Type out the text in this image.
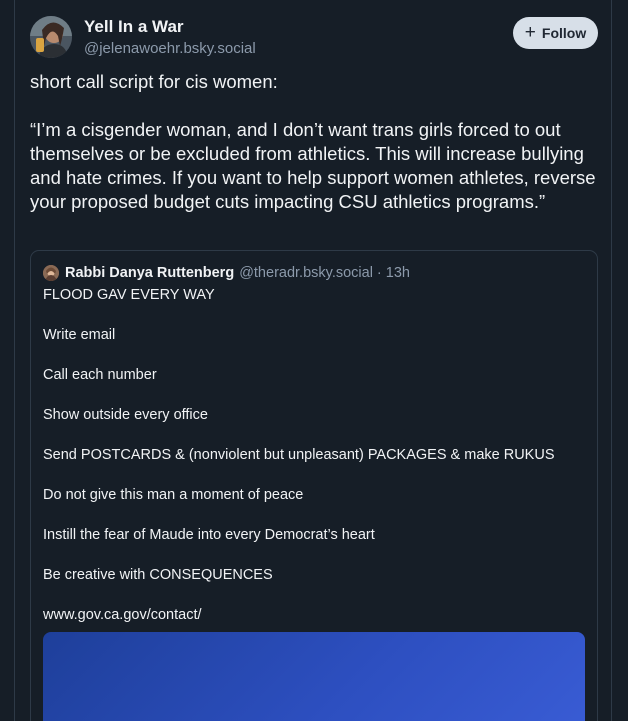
Yell In a War
@jelenawoehr.bsky.social
+ Follow

short call script for cis women:

“I’m a cisgender woman, and I don’t want trans girls forced to out themselves or be excluded from athletics. This will increase bullying and hate crimes. If you want to help support women athletes, reverse your proposed budget cuts impacting CSU athletics programs.”

Rabbi Danya Ruttenberg @theradr.bsky.social · 13h
FLOOD GAV EVERY WAY
Write email
Call each number
Show outside every office
Send POSTCARDS & (nonviolent but unpleasant) PACKAGES & make RUKUS
Do not give this man a moment of peace
Instill the fear of Maude into every Democrat’s heart
Be creative with CONSEQUENCES
www.gov.ca.gov/contact/
